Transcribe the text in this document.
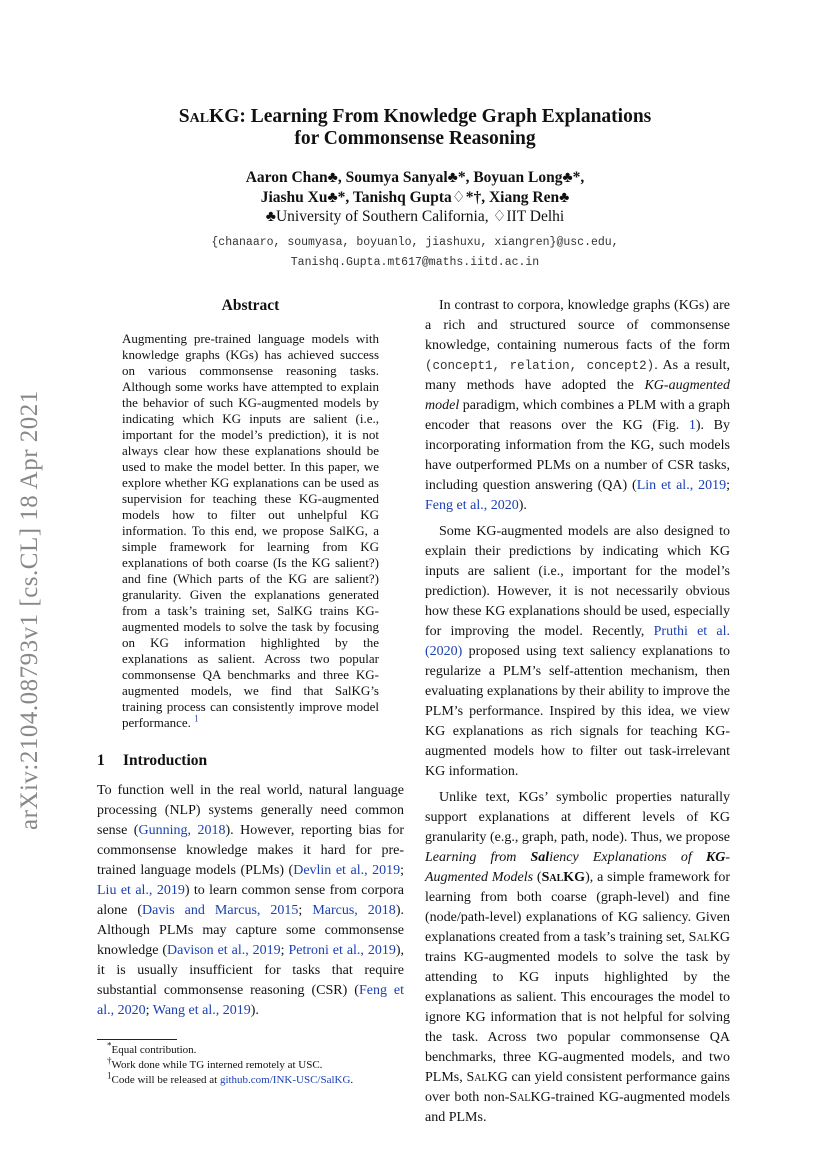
arXiv:2104.08793v1 [cs.CL] 18 Apr 2021
SalKG: Learning From Knowledge Graph Explanations
for Commonsense Reasoning
Aaron Chan♣, Soumya Sanyal♣*, Boyuan Long♣*,
Jiashu Xu♣*, Tanishq Gupta♢*†, Xiang Ren♣
♣University of Southern California, ♢IIT Delhi
{chanaaro, soumyasa, boyuanlo, jiashuxu, xiangren}@usc.edu,
Tanishq.Gupta.mt617@maths.iitd.ac.in
Abstract
Augmenting pre-trained language models with knowledge graphs (KGs) has achieved success on various commonsense reasoning tasks. Although some works have attempted to explain the behavior of such KG-augmented models by indicating which KG inputs are salient (i.e., important for the model’s prediction), it is not always clear how these explanations should be used to make the model better. In this paper, we explore whether KG explanations can be used as supervision for teaching these KG-augmented models how to filter out unhelpful KG information. To this end, we propose SalKG, a simple framework for learning from KG explanations of both coarse (Is the KG salient?) and fine (Which parts of the KG are salient?) granularity. Given the explanations generated from a task’s training set, SalKG trains KG-augmented models to solve the task by focusing on KG information highlighted by the explanations as salient. Across two popular commonsense QA benchmarks and three KG-augmented models, we find that SalKG’s training process can consistently improve model performance. $^1$
1 Introduction

To function well in the real world, natural language processing (NLP) systems generally need common sense (Gunning, 2018). However, reporting bias for commonsense knowledge makes it hard for pre-trained language models (PLMs) (Devlin et al., 2019; Liu et al., 2019) to learn common sense from corpora alone (Davis and Marcus, 2015; Marcus, 2018). Although PLMs may capture some commonsense knowledge (Davison et al., 2019; Petroni et al., 2019), it is usually insufficient for tasks that require substantial commonsense reasoning (CSR) (Feng et al., 2020; Wang et al., 2019).

*Equal contribution.
†Work done while TG interned remotely at USC.
$^1$Code will be released at github.com/INK-USC/SalKG.

In contrast to corpora, knowledge graphs (KGs) are a rich and structured source of commonsense knowledge, containing numerous facts of the form (concept1, relation, concept2). As a result, many methods have adopted the KG-augmented model paradigm, which combines a PLM with a graph encoder that reasons over the KG (Fig. 1). By incorporating information from the KG, such models have outperformed PLMs on a number of CSR tasks, including question answering (QA) (Lin et al., 2019; Feng et al., 2020).

Some KG-augmented models are also designed to explain their predictions by indicating which KG inputs are salient (i.e., important for the model’s prediction). However, it is not necessarily obvious how these KG explanations should be used, especially for improving the model. Recently, Pruthi et al. (2020) proposed using text saliency explanations to regularize a PLM’s self-attention mechanism, then evaluating explanations by their ability to improve the PLM’s performance. Inspired by this idea, we view KG explanations as rich signals for teaching KG-augmented models how to filter out task-irrelevant KG information.

Unlike text, KGs’ symbolic properties naturally support explanations at different levels of KG granularity (e.g., graph, path, node). Thus, we propose Learning from Saliency Explanations of KG-Augmented Models (SalKG), a simple framework for learning from both coarse (graph-level) and fine (node/path-level) explanations of KG saliency. Given explanations created from a task’s training set, SalKG trains KG-augmented models to solve the task by attending to KG inputs highlighted by the explanations as salient. This encourages the model to ignore KG information that is not helpful for solving the task. Across two popular commonsense QA benchmarks, three KG-augmented models, and two PLMs, SalKG can yield consistent performance gains over both non-SalKG-trained KG-augmented models and PLMs.
